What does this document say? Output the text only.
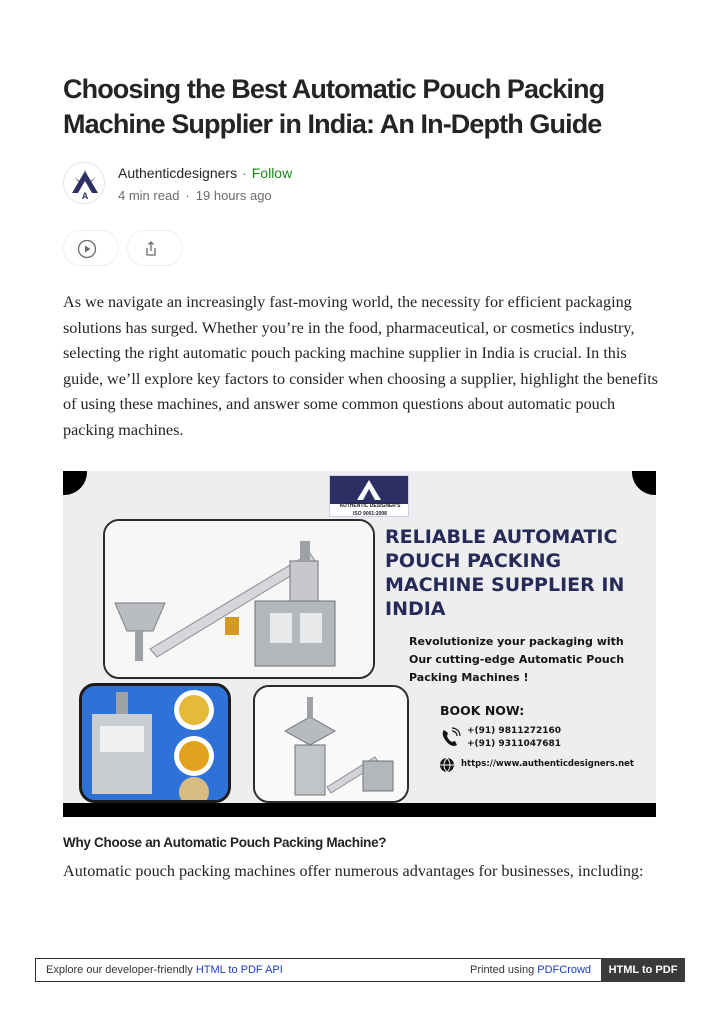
Choosing the Best Automatic Pouch Packing Machine Supplier in India: An In-Depth Guide
A
Authenticdesigners · Follow
4 min read · 19 hours ago

As we navigate an increasingly fast-moving world, the necessity for efficient packaging solutions has surged. Whether you’re in the food, pharmaceutical, or cosmetics industry, selecting the right automatic pouch packing machine supplier in India is crucial. In this guide, we’ll explore key factors to consider when choosing a supplier, highlight the benefits of using these machines, and answer some common questions about automatic pouch packing machines.

AUTHENTIC DESIGNER'S
ISO 9001:2008
RELIABLE AUTOMATIC POUCH PACKING MACHINE SUPPLIER IN INDIA
Revolutionize your packaging with Our cutting-edge Automatic Pouch Packing Machines !
BOOK NOW:
+(91) 9811272160
+(91) 9311047681
https://www.authenticdesigners.net
Why Choose an Automatic Pouch Packing Machine?

Automatic pouch packing machines offer numerous advantages for businesses, including:

Explore our developer-friendly HTML to PDF API	Printed using PDFCrowd	HTML to PDF
